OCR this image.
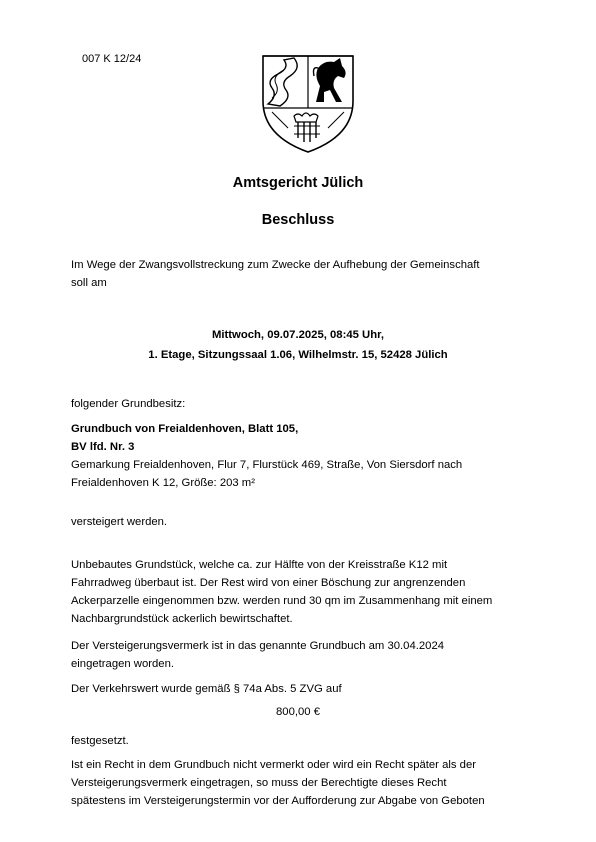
007 K 12/24
Amtsgericht Jülich
Beschluss
Im Wege der Zwangsvollstreckung zum Zwecke der Aufhebung der Gemeinschaft
soll am
Mittwoch, 09.07.2025, 08:45 Uhr,
1. Etage, Sitzungssaal 1.06, Wilhelmstr. 15, 52428 Jülich
folgender Grundbesitz:
Grundbuch von Freialdenhoven, Blatt 105,
BV lfd. Nr. 3
Gemarkung Freialdenhoven, Flur 7, Flurstück 469, Straße, Von Siersdorf nach
Freialdenhoven K 12, Größe: 203 m²
versteigert werden.
Unbebautes Grundstück, welche ca. zur Hälfte von der Kreisstraße K12 mit
Fahrradweg überbaut ist. Der Rest wird von einer Böschung zur angrenzenden
Ackerparzelle eingenommen bzw. werden rund 30 qm im Zusammenhang mit einem
Nachbargrundstück ackerlich bewirtschaftet.
Der Versteigerungsvermerk ist in das genannte Grundbuch am 30.04.2024
eingetragen worden.
Der Verkehrswert wurde gemäß § 74a Abs. 5 ZVG auf
800,00 €
festgesetzt.
Ist ein Recht in dem Grundbuch nicht vermerkt oder wird ein Recht später als der
Versteigerungsvermerk eingetragen, so muss der Berechtigte dieses Recht
spätestens im Versteigerungstermin vor der Aufforderung zur Abgabe von Geboten
